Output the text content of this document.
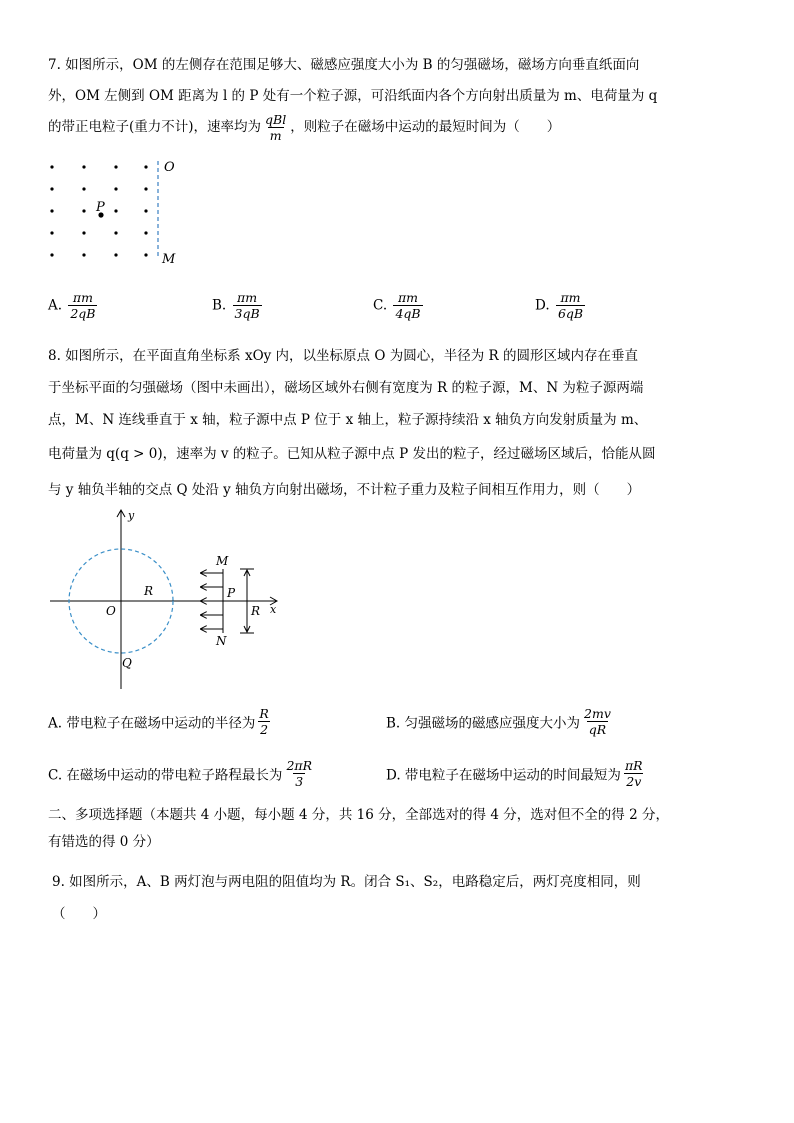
7. 如图所示，OM 的左侧存在范围足够大、磁感应强度大小为 B 的匀强磁场，磁场方向垂直纸面向
外，OM 左侧到 OM 距离为 l 的 P 处有一个粒子源，可沿纸面内各个方向射出质量为 m、电荷量为 q
的带正电粒子(重力不计)，速率均为 $\frac{\text{qBl}}{m}$ ，则粒子在磁场中运动的最短时间为（　　）
O
M
P
A. $\frac{\pi m}{2qB}$	B. $\frac{\pi m}{3qB}$	C. $\frac{\pi m}{4qB}$	D. $\frac{\pi m}{6qB}$
8. 如图所示，在平面直角坐标系 xOy 内，以坐标原点 O 为圆心，半径为 R 的圆形区域内存在垂直
于坐标平面的匀强磁场（图中未画出），磁场区域外右侧有宽度为 R 的粒子源，M、N 为粒子源两端
点，M、N 连线垂直于 x 轴，粒子源中点 P 位于 x 轴上，粒子源持续沿 x 轴负方向发射质量为 m、
电荷量为 q(q > 0)，速率为 v 的粒子。已知从粒子源中点 P 发出的粒子，经过磁场区域后，恰能从圆
与 y 轴负半轴的交点 Q 处沿 y 轴负方向射出磁场，不计粒子重力及粒子间相互作用力，则（　　）
y
x
O
R
Q
M
N
P
R
A. 带电粒子在磁场中运动的半径为 $\frac{R}{2}$	B. 匀强磁场的磁感应强度大小为 $\frac{2mv}{qR}$
C. 在磁场中运动的带电粒子路程最长为 $\frac{2\pi R}{3}$	D. 带电粒子在磁场中运动的时间最短为 $\frac{\pi R}{2v}$
二、多项选择题（本题共 4 小题，每小题 4 分，共 16 分，全部选对的得 4 分，选对但不全的得 2 分，
有错选的得 0 分）
9. 如图所示，A、B 两灯泡与两电阻的阻值均为 R。闭合 S₁、S₂，电路稳定后，两灯亮度相同，则
（　　）
